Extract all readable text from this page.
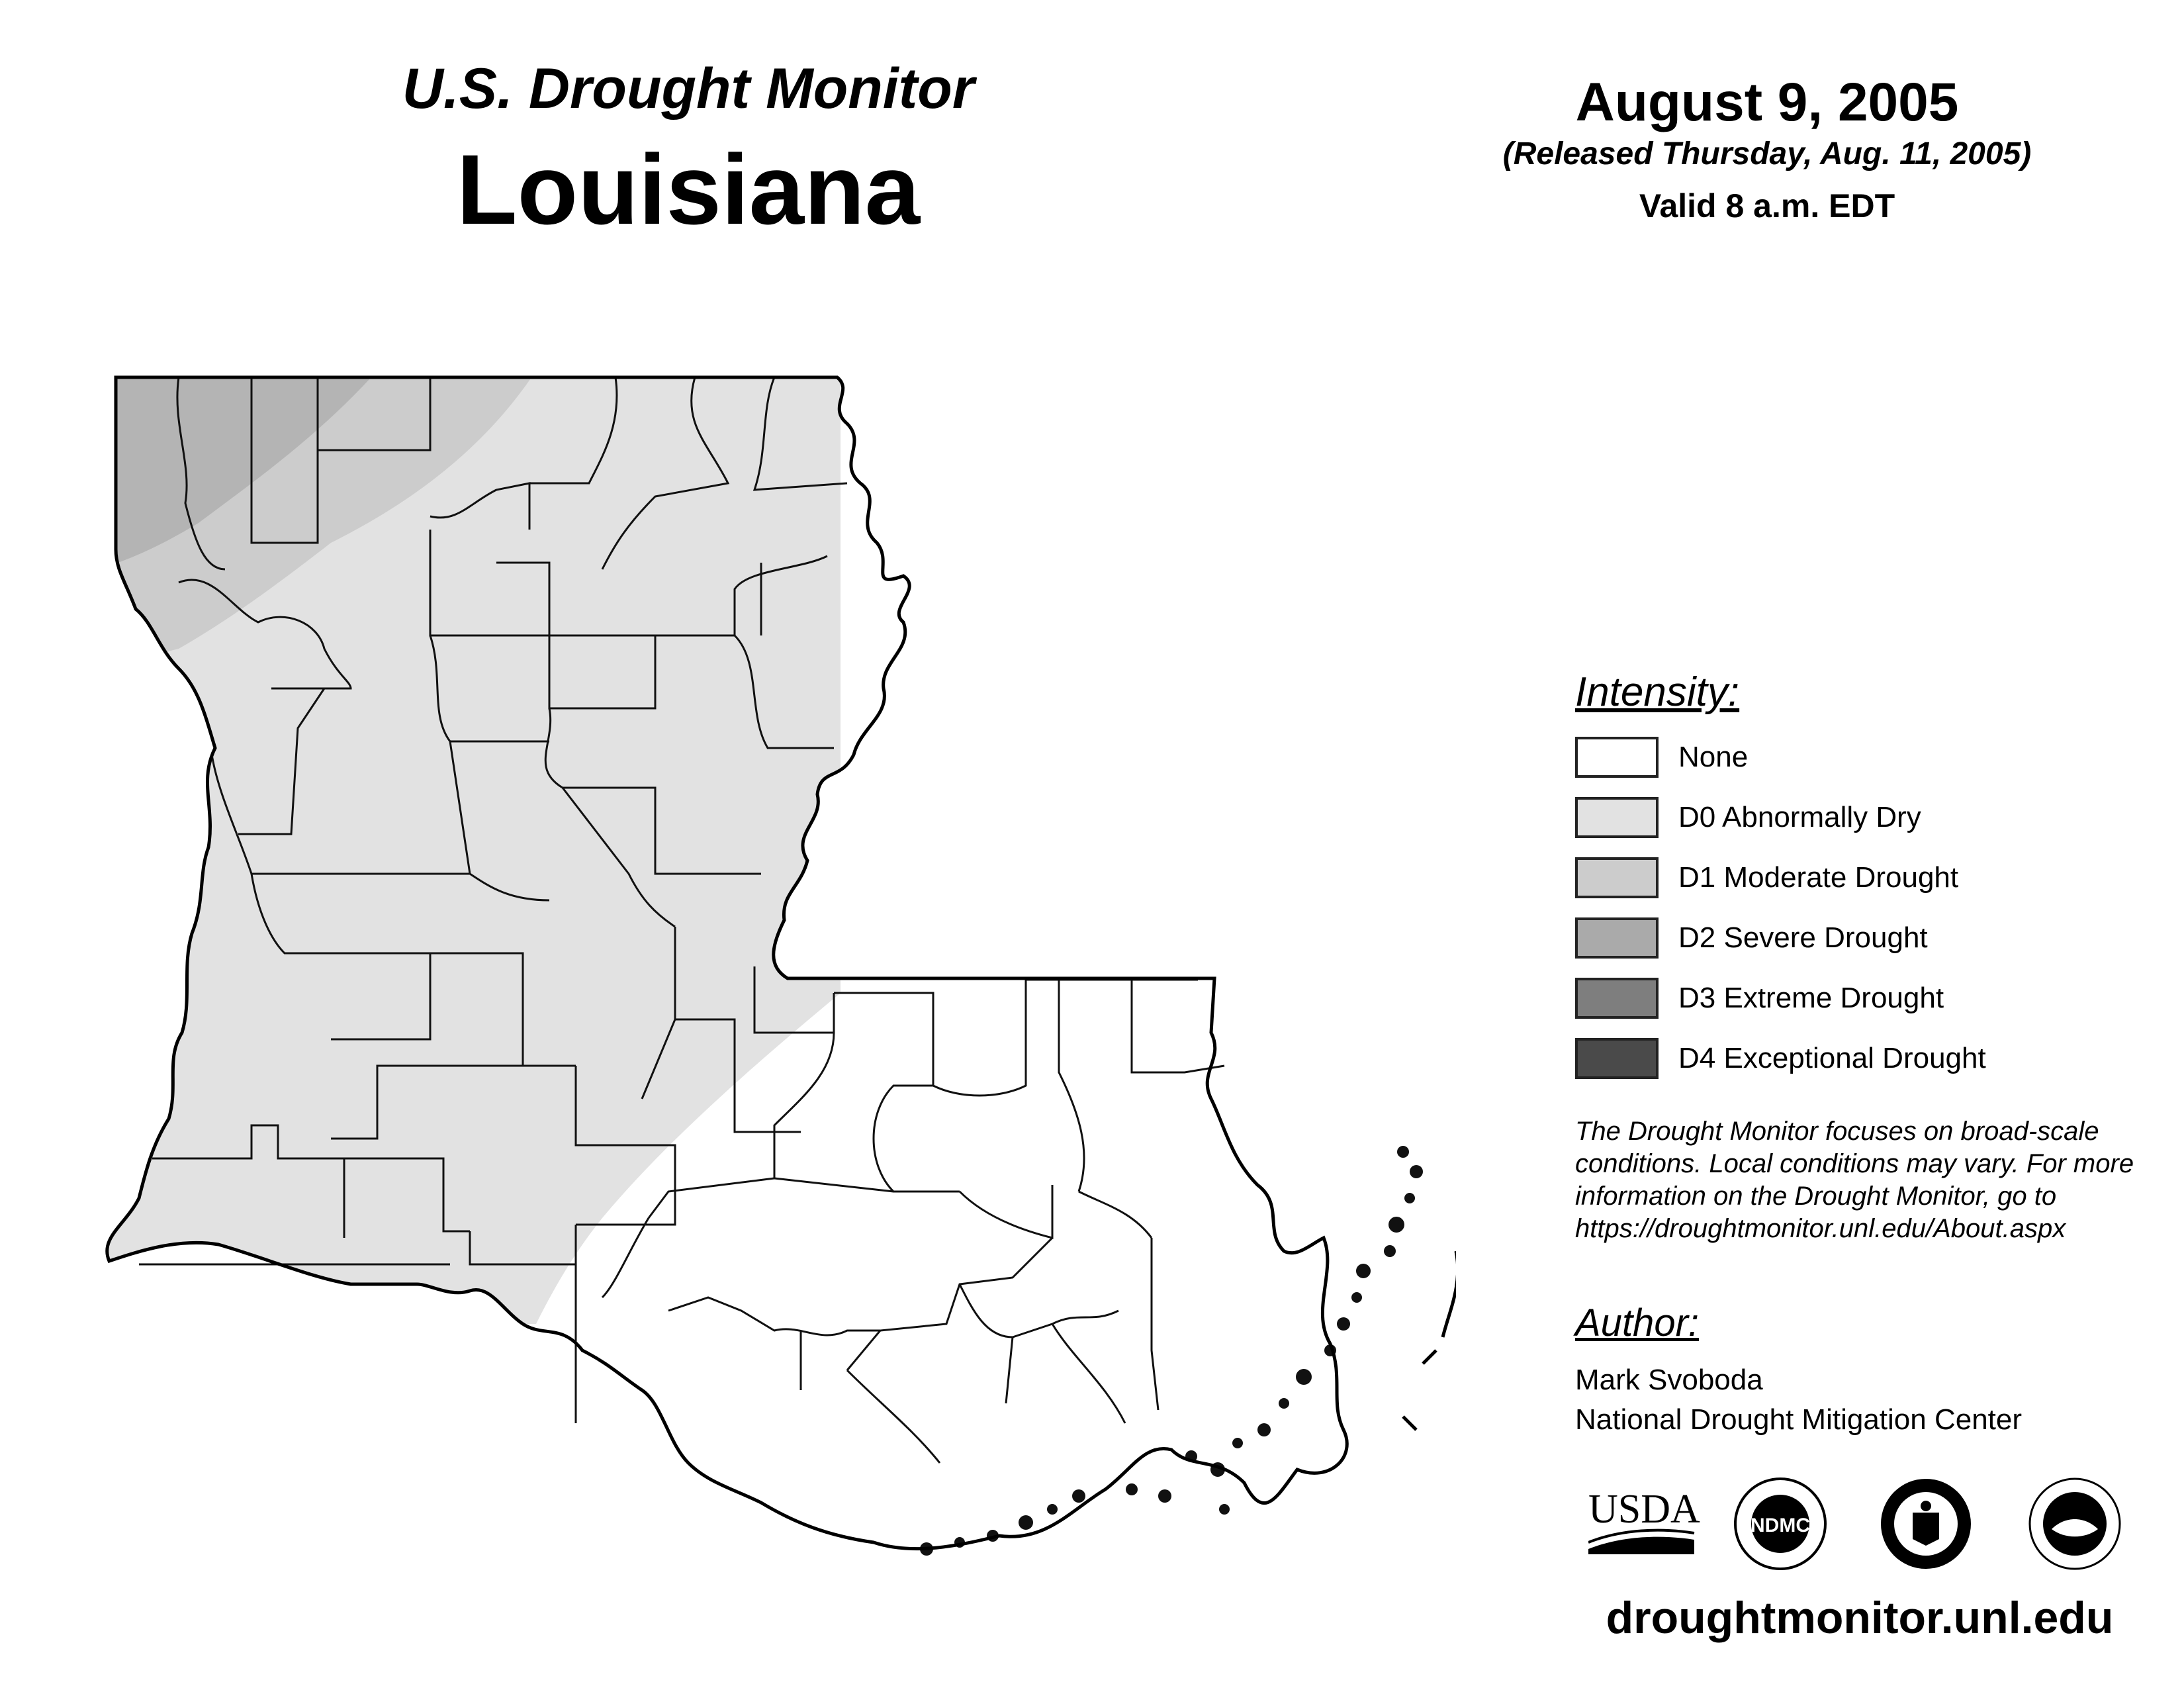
U.S. Drought Monitor
Louisiana
August 9, 2005
(Released Thursday, Aug. 11, 2005)
Valid 8 a.m. EDT
Intensity:
None
D0 Abnormally Dry
D1 Moderate Drought
D2 Severe Drought
D3 Extreme Drought
D4 Exceptional Drought
The Drought Monitor focuses on broad-scale conditions. Local conditions may vary. For more information on the Drought Monitor, go to https://droughtmonitor.unl.edu/About.aspx
Author:
Mark Svoboda
National Drought Mitigation Center
USDA	NDMC
droughtmonitor.unl.edu
